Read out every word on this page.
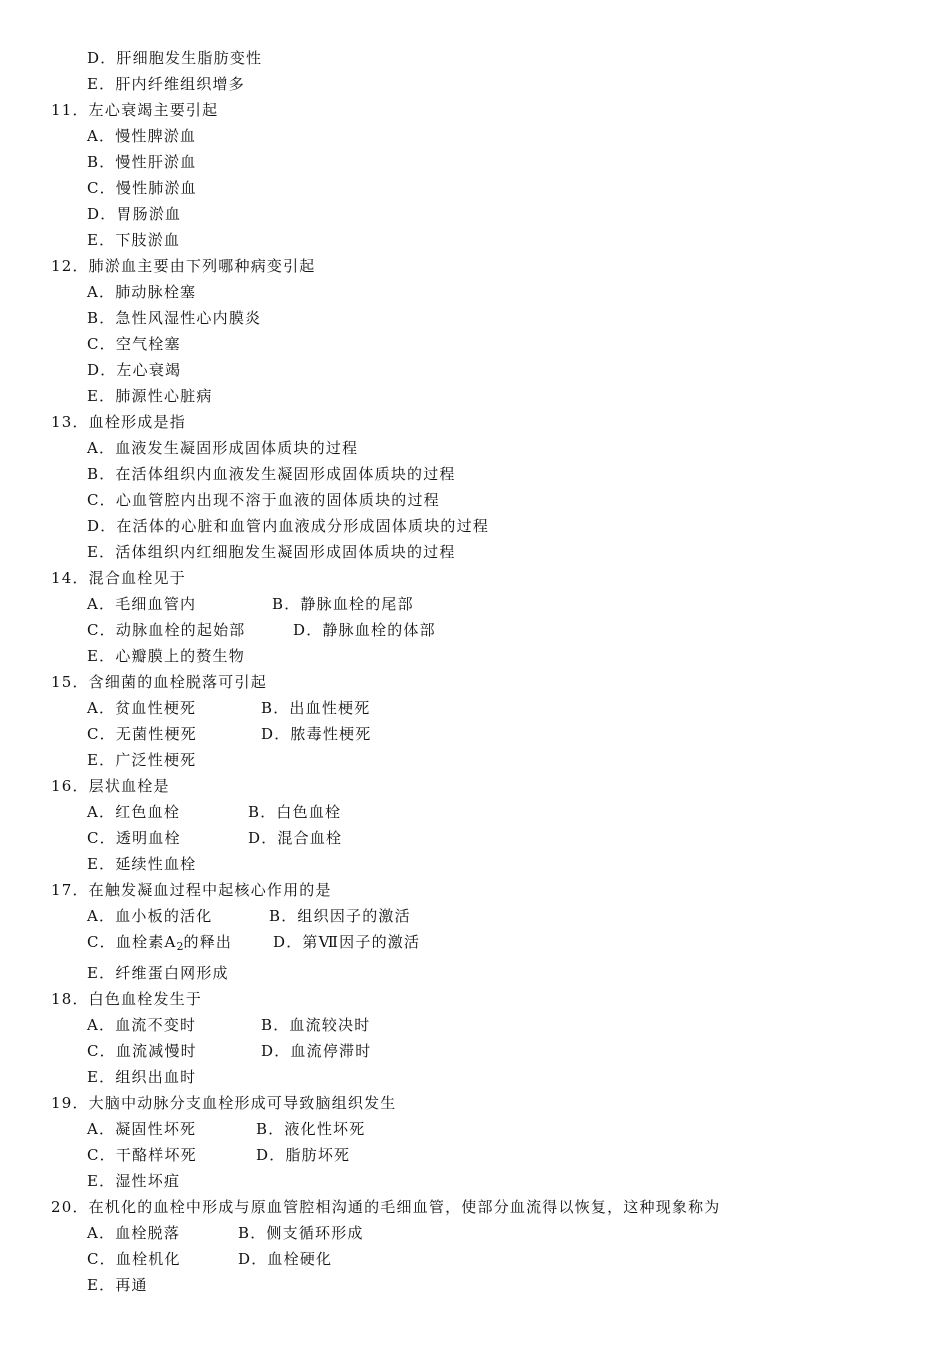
D．肝细胞发生脂肪变性
E．肝内纤维组织增多
11．左心衰竭主要引起
A．慢性脾淤血
B．慢性肝淤血
C．慢性肺淤血
D．胃肠淤血
E．下肢淤血
12．肺淤血主要由下列哪种病变引起
A．肺动脉栓塞
B．急性风湿性心内膜炎
C．空气栓塞
D．左心衰竭
E．肺源性心脏病
13．血栓形成是指
A．血液发生凝固形成固体质块的过程
B．在活体组织内血液发生凝固形成固体质块的过程
C．心血管腔内出现不溶于血液的固体质块的过程
D．在活体的心脏和血管内血液成分形成固体质块的过程
E．活体组织内红细胞发生凝固形成固体质块的过程
14．混合血栓见于
A．毛细血管内	B．静脉血栓的尾部
C．动脉血栓的起始部	D．静脉血栓的体部
E．心瓣膜上的赘生物
15．含细菌的血栓脱落可引起
A．贫血性梗死	B．出血性梗死
C．无菌性梗死	D．脓毒性梗死
E．广泛性梗死
16．层状血栓是
A．红色血栓	B．白色血栓
C．透明血栓	D．混合血栓
E．延续性血栓
17．在触发凝血过程中起核心作用的是
A．血小板的活化	B．组织因子的激活
C．血栓素$A_2$的释出	D．第Ⅶ因子的激活
E．纤维蛋白网形成
18．白色血栓发生于
A．血流不变时	B．血流较决时
C．血流减慢时	D．血流停滞时
E．组织出血时
19．大脑中动脉分支血栓形成可导致脑组织发生
A．凝固性坏死	B．液化性坏死
C．干酪样坏死	D．脂肪坏死
E．湿性坏疽
20．在机化的血栓中形成与原血管腔相沟通的毛细血管，使部分血流得以恢复，这种现象称为
A．血栓脱落	B．侧支循环形成
C．血栓机化	D．血栓硬化
E．再通
